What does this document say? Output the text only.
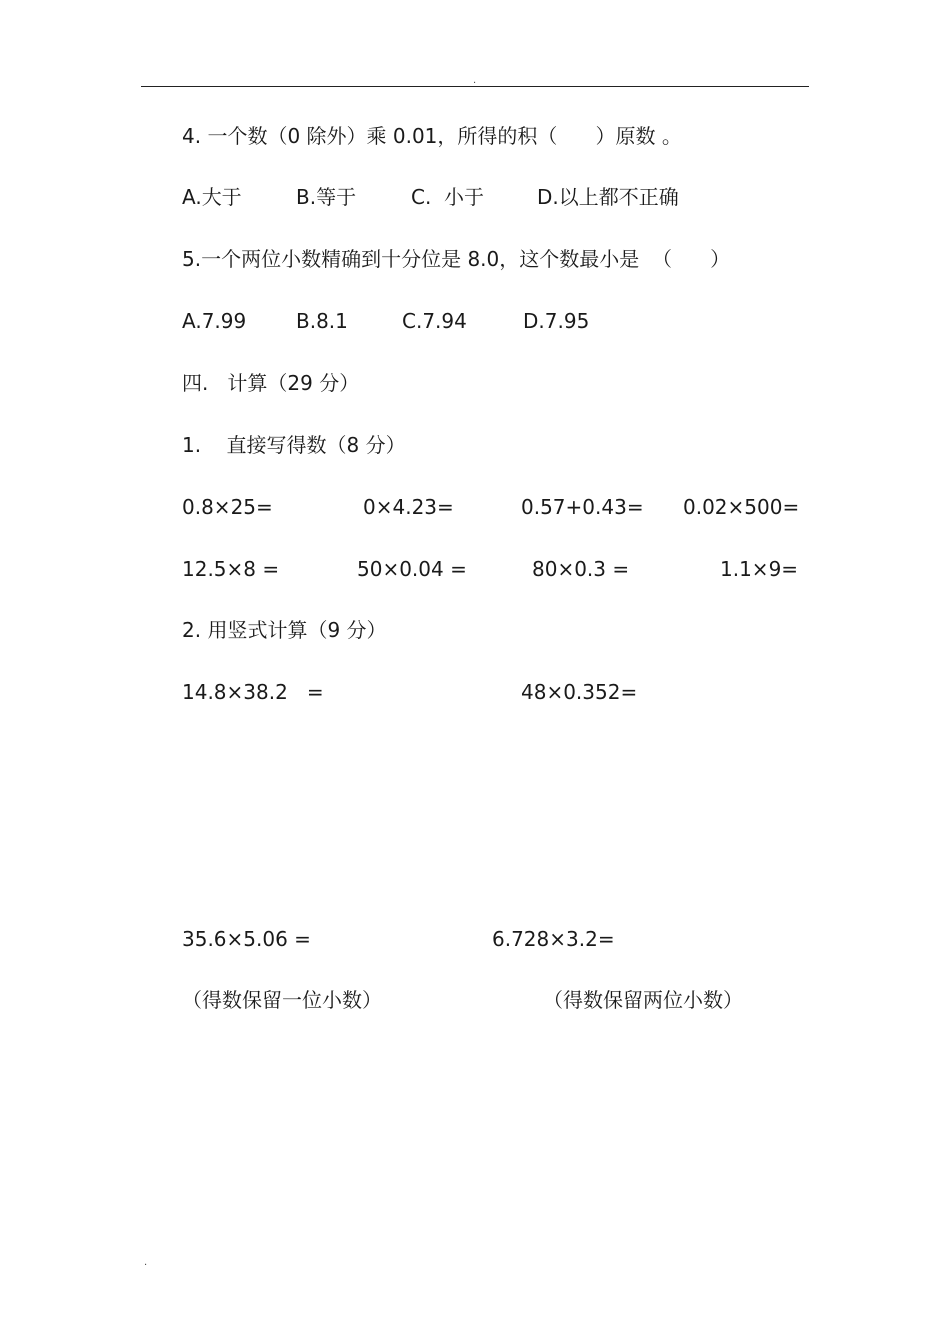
.
4. 一个数（0 除外）乘 0.01，所得的积（      ）原数 。
A.大于	B.等于	C.  小于	D.以上都不正确
5.一个两位小数精确到十分位是 8.0，这个数最小是  （      ）
A.7.99 B.8.1	C.7.94	D.7.95
四.   计算（29 分）
1.    直接写得数（8 分）
0.8×25=	0×4.23=	0.57+0.43= 0.02×500=
12.5×8 =	50×0.04 =	80×0.3 =	1.1×9=
2. 用竖式计算（9 分）
14.8×38.2   =	48×0.352=
35.6×5.06 =	6.728×3.2=
（得数保留一位小数）	（得数保留两位小数）
.
